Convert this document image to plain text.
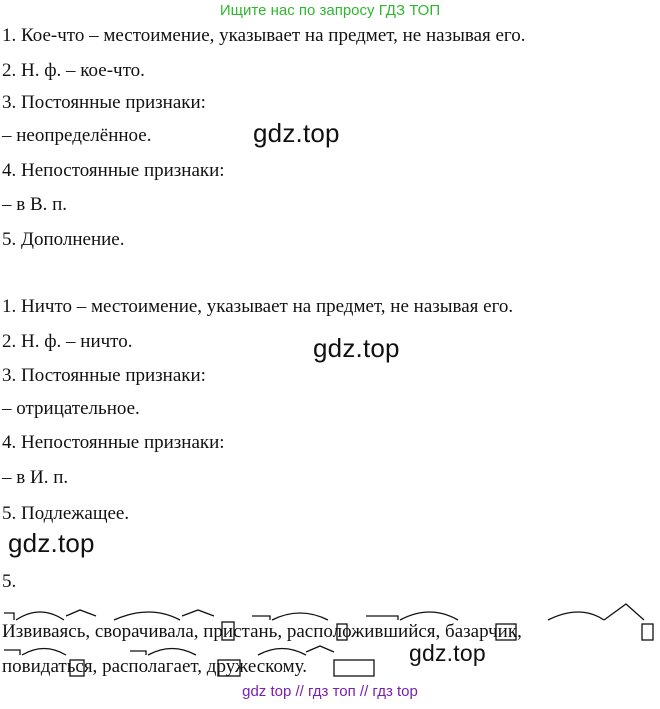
Ищите нас по запросу ГДЗ ТОП
1. Кое-что – местоимение, указывает на предмет, не называя его.
2. Н. ф. – кое-что.
3. Постоянные признаки:
– неопределённое.
4. Непостоянные признаки:
– в В. п.
5. Дополнение.
gdz.top
1. Ничто – местоимение, указывает на предмет, не называя его.
2. Н. ф. – ничто.
3. Постоянные признаки:
– отрицательное.
4. Непостоянные признаки:
– в И. п.
5. Подлежащее.
gdz.top
gdz.top
5.
Извиваясь, сворачивала, пристань, расположившийся, базарчик,
повидаться, располагает, дружескому.
gdz.top
gdz top // гдз топ // гдз top
